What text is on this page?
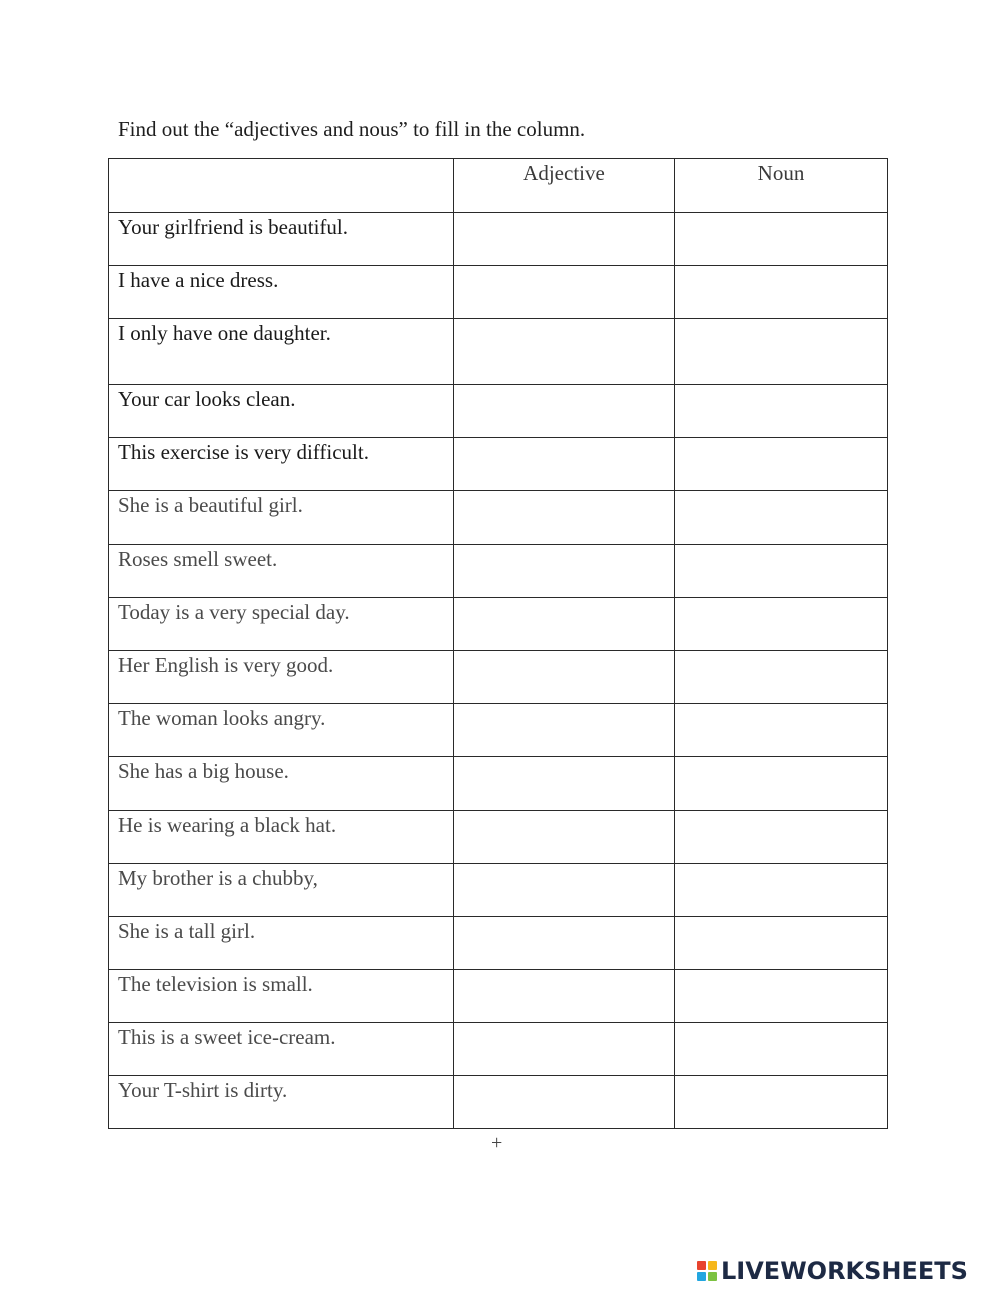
Find out the “adjectives and nous” to fill in the column.

	Adjective	Noun

Your girlfriend is beautiful.

I have a nice dress.

I only have one daughter.

Your car looks clean.

This exercise is very difficult.

She is a beautiful girl.

Roses smell sweet.

Today is a very special day.

Her English is very good.

The woman looks angry.

She has a big house.

He is wearing a black hat.

My brother is a chubby,

She is a tall girl.

The television is small.

This is a sweet ice-cream.

Your T-shirt is dirty.

+
LIVEWORKSHEETS
